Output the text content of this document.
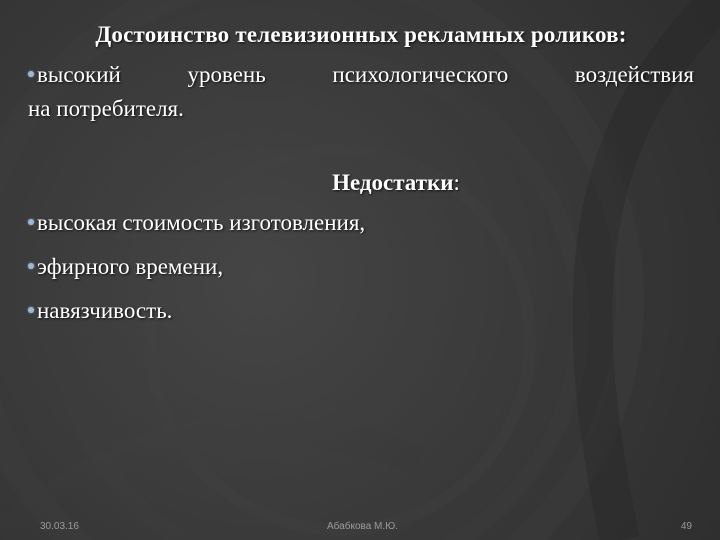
Достоинство телевизионных рекламных роликов:
высокий уровень психологического воздействия
на потребителя.
Недостатки:
высокая стоимость изготовления,
эфирного времени,
навязчивость.
30.03.16	Абабкова М.Ю.	49
